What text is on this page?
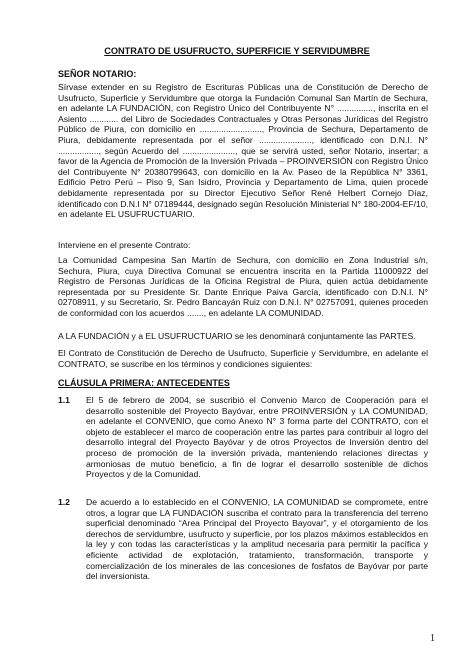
CONTRATO DE USUFRUCTO, SUPERFICIE Y SERVIDUMBRE
SEÑOR NOTARIO:
Sírvase extender en su Registro de Escrituras Públicas una de Constitución de Derecho de Usufructo, Superficie y Servidumbre que otorga la Fundación Comunal San Martín de Sechura, en adelante LA FUNDACIÓN, con Registro Único del Contribuyente N° ..............., inscrita en el Asiento ............ del Libro de Sociedades Contractuales y Otras Personas Jurídicas del Registro Público de Piura, con domicilio en .........................., Provincia de Sechura, Departamento de Piura, debidamente representada por el señor ......................, identificado con D.N.I. N° ................., según Acuerdo del ......................, que se servirá usted, señor Notario, insertar; a favor de la Agencia de Promoción de la Inversión Privada – PROINVERSIÓN con Registro Único del Contribuyente N° 20380799643, con domicilio en la Av. Paseo de la República N° 3361, Edificio Petro Perú – Piso 9, San Isidro, Provincia y Departamento de Lima, quien procede debidamente representada por su Director Ejecutivo Señor René Helbert Cornejo Díaz, identificado con D.N.I N° 07189444, designado según Resolución Ministerial N° 180-2004-EF/10, en adelante EL USUFRUCTUARIO.
Interviene en el presente Contrato:
La Comunidad Campesina San Martín de Sechura, con domicilio en Zona Industrial s/n, Sechura, Piura, cuya Directiva Comunal se encuentra inscrita en la Partida 11000922 del Registro de Personas Jurídicas de la Oficina Registral de Piura, quien actúa debidamente representada por su Presidente Sr. Dante Enrique Paiva García, identificado con D.N.I. N° 02708911, y su Secretario, Sr. Pedro Bancayán Ruiz con D.N.I. N° 02757091, quienes proceden de conformidad con los acuerdos ......., en adelante LA COMUNIDAD.
A LA FUNDACIÓN y a EL USUFRUCTUARIO se les denominará conjuntamente las PARTES.
El Contrato de Constitución de Derecho de Usufructo, Superficie y Servidumbre, en adelante el CONTRATO, se suscribe en los términos y condiciones siguientes:
CLÁUSULA PRIMERA: ANTECEDENTES
1.1 El 5 de febrero de 2004, se suscribió el Convenio Marco de Cooperación para el desarrollo sostenible del Proyecto Bayóvar, entre PROINVERSIÓN y LA COMUNIDAD, en adelante el CONVENIO, que como Anexo N° 3 forma parte del CONTRATO, con el objeto de establecer el marco de cooperación entre las partes para contribuir al logro del desarrollo integral del Proyecto Bayóvar y de otros Proyectos de Inversión dentro del proceso de promoción de la inversión privada, manteniendo relaciones directas y armoniosas de mutuo beneficio, a fin de lograr el desarrollo sostenible de dichos Proyectos y de la Comunidad.
1.2 De acuerdo a lo establecido en el CONVENIO, LA COMUNIDAD se compromete, entre otros, a lograr que LA FUNDACIÓN suscriba el contrato para la transferencia del terreno superficial denominado “Area Principal del Proyecto Bayovar”, y el otorgamiento de los derechos de servidumbre, usufructo y superficie, por los plazos máximos establecidos en la ley y con todas las características y la amplitud necesaria para permitir la pacífica y eficiente actividad de explotación, tratamiento, transformación, transporte y comercialización de los minerales de las concesiones de fosfatos de Bayóvar por parte del inversionista.
1
